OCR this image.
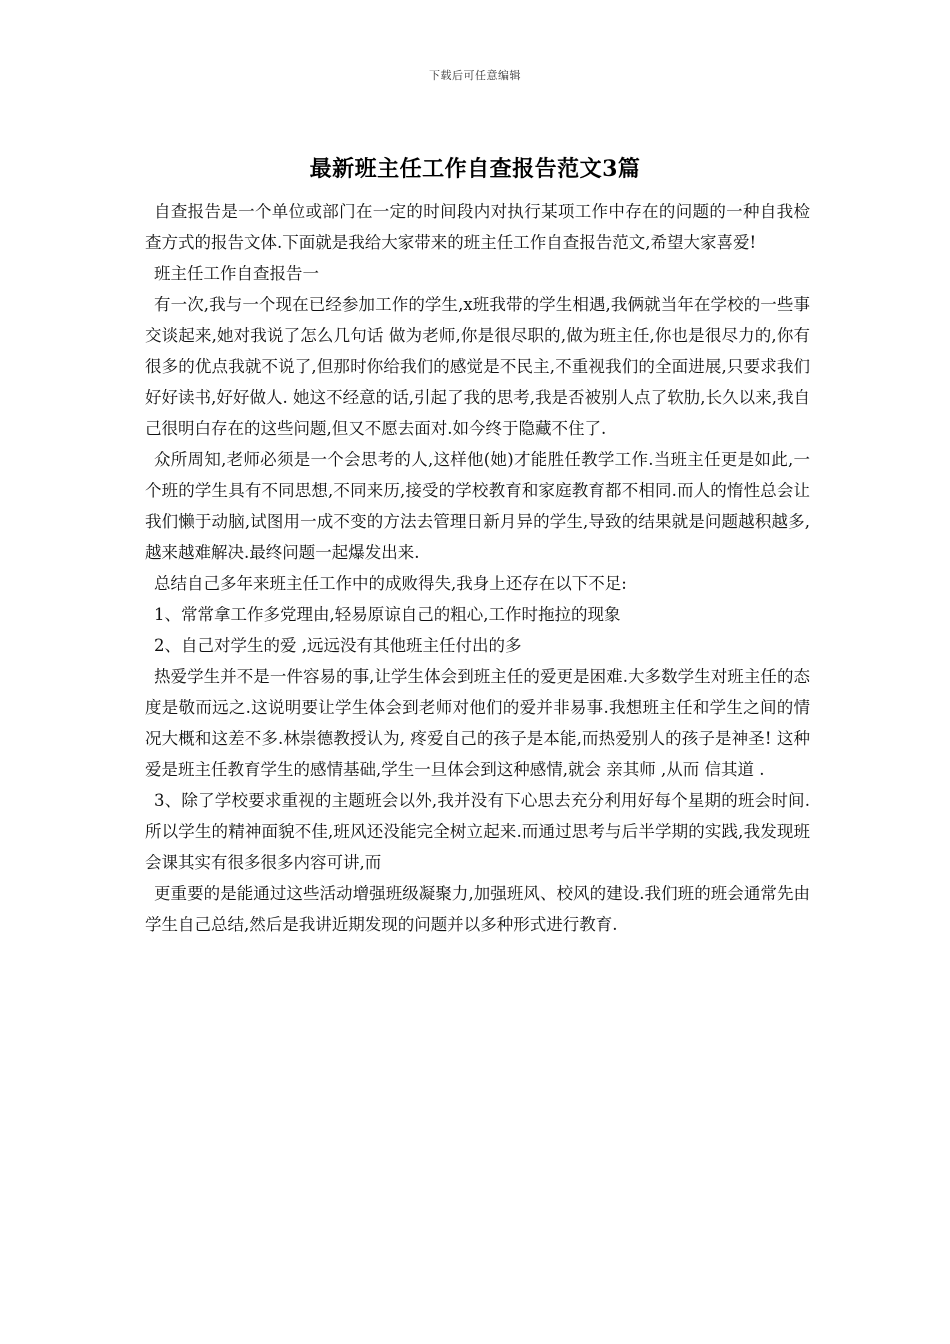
下载后可任意编辑
最新班主任工作自查报告范文3篇

自查报告是一个单位或部门在一定的时间段内对执行某项工作中存在的问题的一种自我检查方式的报告文体.下面就是我给大家带来的班主任工作自查报告范文,希望大家喜爱!

班主任工作自查报告一

有一次,我与一个现在已经参加工作的学生,x班我带的学生相遇,我俩就当年在学校的一些事交谈起来,她对我说了怎么几句话 做为老师,你是很尽职的,做为班主任,你也是很尽力的,你有很多的优点我就不说了,但那时你给我们的感觉是不民主,不重视我们的全面进展,只要求我们好好读书,好好做人. 她这不经意的话,引起了我的思考,我是否被别人点了软肋,长久以来,我自己很明白存在的这些问题,但又不愿去面对.如今终于隐藏不住了.

众所周知,老师必须是一个会思考的人,这样他(她)才能胜任教学工作.当班主任更是如此,一个班的学生具有不同思想,不同来历,接受的学校教育和家庭教育都不相同.而人的惰性总会让我们懒于动脑,试图用一成不变的方法去管理日新月异的学生,导致的结果就是问题越积越多,越来越难解决.最终问题一起爆发出来.

总结自己多年来班主任工作中的成败得失,我身上还存在以下不足:

1、常常拿工作多党理由,轻易原谅自己的粗心,工作时拖拉的现象

2、自己对学生的爱 ,远远没有其他班主任付出的多

热爱学生并不是一件容易的事,让学生体会到班主任的爱更是困难.大多数学生对班主任的态度是敬而远之.这说明要让学生体会到老师对他们的爱并非易事.我想班主任和学生之间的情况大概和这差不多.林崇德教授认为, 疼爱自己的孩子是本能,而热爱别人的孩子是神圣! 这种爱是班主任教育学生的感情基础,学生一旦体会到这种感情,就会 亲其师 ,从而 信其道 .

3、除了学校要求重视的主题班会以外,我并没有下心思去充分利用好每个星期的班会时间.所以学生的精神面貌不佳,班风还没能完全树立起来.而通过思考与后半学期的实践,我发现班会课其实有很多很多内容可讲,而

更重要的是能通过这些活动增强班级凝聚力,加强班风、校风的建设.我们班的班会通常先由学生自己总结,然后是我讲近期发现的问题并以多种形式进行教育.
